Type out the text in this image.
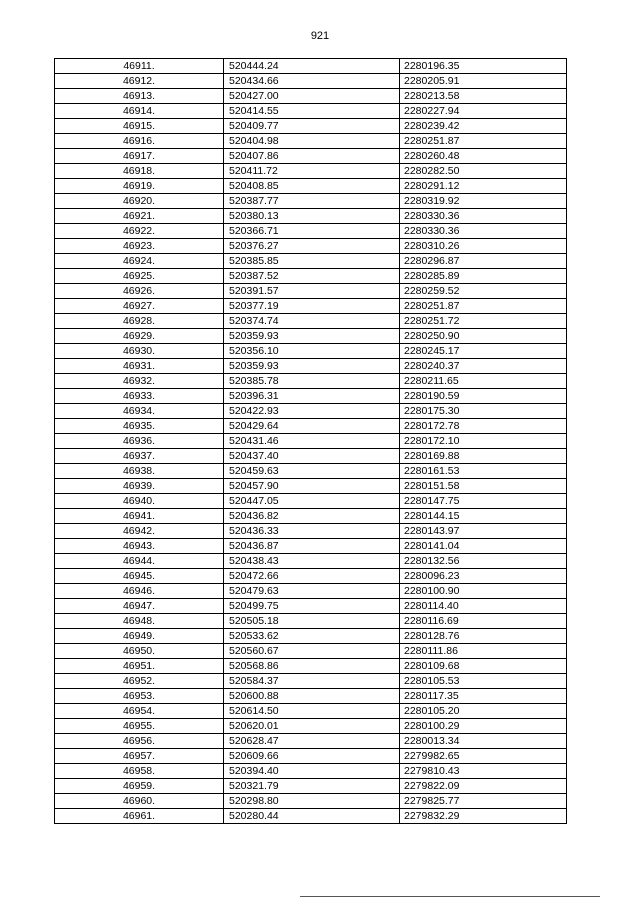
921
46911.	520444.24	2280196.35
46912.	520434.66	2280205.91
46913.	520427.00	2280213.58
46914.	520414.55	2280227.94
46915.	520409.77	2280239.42
46916.	520404.98	2280251.87
46917.	520407.86	2280260.48
46918.	520411.72	2280282.50
46919.	520408.85	2280291.12
46920.	520387.77	2280319.92
46921.	520380.13	2280330.36
46922.	520366.71	2280330.36
46923.	520376.27	2280310.26
46924.	520385.85	2280296.87
46925.	520387.52	2280285.89
46926.	520391.57	2280259.52
46927.	520377.19	2280251.87
46928.	520374.74	2280251.72
46929.	520359.93	2280250.90
46930.	520356.10	2280245.17
46931.	520359.93	2280240.37
46932.	520385.78	2280211.65
46933.	520396.31	2280190.59
46934.	520422.93	2280175.30
46935.	520429.64	2280172.78
46936.	520431.46	2280172.10
46937.	520437.40	2280169.88
46938.	520459.63	2280161.53
46939.	520457.90	2280151.58
46940.	520447.05	2280147.75
46941.	520436.82	2280144.15
46942.	520436.33	2280143.97
46943.	520436.87	2280141.04
46944.	520438.43	2280132.56
46945.	520472.66	2280096.23
46946.	520479.63	2280100.90
46947.	520499.75	2280114.40
46948.	520505.18	2280116.69
46949.	520533.62	2280128.76
46950.	520560.67	2280111.86
46951.	520568.86	2280109.68
46952.	520584.37	2280105.53
46953.	520600.88	2280117.35
46954.	520614.50	2280105.20
46955.	520620.01	2280100.29
46956.	520628.47	2280013.34
46957.	520609.66	2279982.65
46958.	520394.40	2279810.43
46959.	520321.79	2279822.09
46960.	520298.80	2279825.77
46961.	520280.44	2279832.29
